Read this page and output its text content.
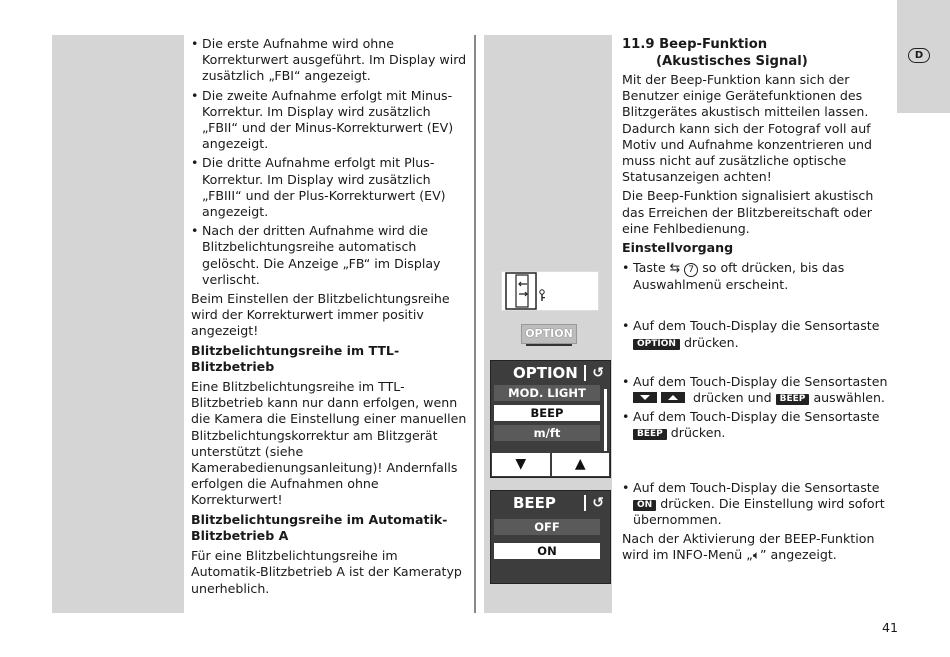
D
• Die erste Aufnahme wird ohne Korrekturwert ausgeführt. Im Display wird zusätzlich „FBI“ angezeigt.
• Die zweite Aufnahme erfolgt mit Minus-Korrektur. Im Display wird zusätzlich „FBII“ und der Minus-Korrekturwert (EV) angezeigt.
• Die dritte Aufnahme erfolgt mit Plus-Korrektur. Im Display wird zusätzlich „FBIII“ und der Plus-Korrekturwert (EV) angezeigt.
• Nach der dritten Aufnahme wird die Blitzbelichtungsreihe automatisch gelöscht. Die Anzeige „FB“ im Display verlischt.

Beim Einstellen der Blitzbelichtungsreihe wird der Korrekturwert immer positiv angezeigt!

Blitzbelichtungsreihe im TTL-Blitzbetrieb

Eine Blitzbelichtungsreihe im TTL-Blitzbetrieb kann nur dann erfolgen, wenn die Kamera die Einstellung einer manuellen Blitzbelichtungskorrektur am Blitzgerät unterstützt (siehe Kamerabedienungsanleitung)! Andernfalls erfolgen die Aufnahmen ohne Korrekturwert!

Blitzbelichtungsreihe im Automatik-Blitzbetrieb A

Für eine Blitzbelichtungsreihe im Automatik-Blitzbetrieb A ist der Kameratyp unerheblich.

OPTION
OPTION ↺
MOD. LIGHT
BEEP
m/ft
▼	▲
BEEP	↺
OFF
ON
11.9 Beep-Funktion
(Akustisches Signal)

Mit der Beep-Funktion kann sich der Benutzer einige Gerätefunktionen des Blitzgerätes akustisch mitteilen lassen. Dadurch kann sich der Fotograf voll auf Motiv und Aufnahme konzentrieren und muss nicht auf zusätzliche optische Statusanzeigen achten!

Die Beep-Funktion signalisiert akustisch das Erreichen der Blitzbereitschaft oder eine Fehlbedienung.

Einstellvorgang
• Taste ⇆ 7 so oft drücken, bis das Auswahlmenü erscheint.
• Auf dem Touch-Display die Sensortaste
OPTION drücken.
• Auf dem Touch-Display die Sensortasten
drücken und BEEP auswählen.
• Auf dem Touch-Display die Sensortaste
BEEP drücken.
• Auf dem Touch-Display die Sensortaste
ON drücken. Die Einstellung wird sofort übernommen.

Nach der Aktivierung der BEEP-Funktion wird im INFO-Menü „🔈︎” angezeigt.

41
